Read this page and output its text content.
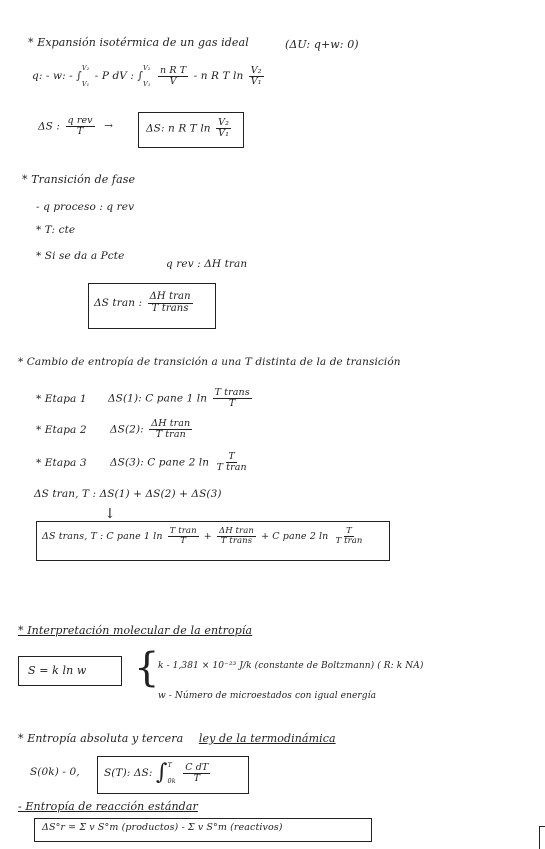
* Expansión isotérmica de un gas ideal	(ΔU: q+w: 0)
q: - w: - ∫
V₂
V₁
- P dV : ∫
V₂
V₁
$\frac{\text{n R T}}{V}$ - n R T $\ln \frac{\text{V₂}}{\text{V₁}}$
ΔS : $\frac{\text{q rev}}{T}$ →	ΔS: n R T $\ln \frac{\text{V₂}}{\text{V₁}}$
* Transición de fase
- q proceso : q rev
* T: cte
* Si se da a Pcte
q rev : ΔH tran
ΔS tran : $\frac{\text{ΔH tran}}{\text{T trans}}$
* Cambio de entropía de transición a una T distinta de la de transición
* Etapa 1 ΔS(1): C pane 1 $\ln \frac{\text{T trans}}{T}$
* Etapa 2 ΔS(2): $\frac{\text{ΔH tran}}{\text{T tran}}$
* Etapa 3 ΔS(3): C pane 2 $\ln \frac{T}{\text{T tran}}$
ΔS tran, T : ΔS(1) + ΔS(2) + ΔS(3)
↓
ΔS trans, T : C pane 1 $\ln \frac{\text{T tran}}{T} + \frac{\text{ΔH tran}}{\text{T trans}} + C$ pane 2 $\ln \frac{T}{\text{T tran}}$
* Interpretación molecular de la entropía
S = k ln w {
k - 1,381 × 10⁻²³ J/k (constante de Boltzmann) ( R: k NA)
w - Número de microestados con igual energía
* Entropía absoluta y tercera ley de la termodinámica
S(0k) - 0, S(T): ΔS: ∫ T
0k
$\frac{\text{C dT}}{T}$
- Entropía de reacción estándar
ΔS°r = Σ v S°m (productos) - Σ v S°m (reactivos)
